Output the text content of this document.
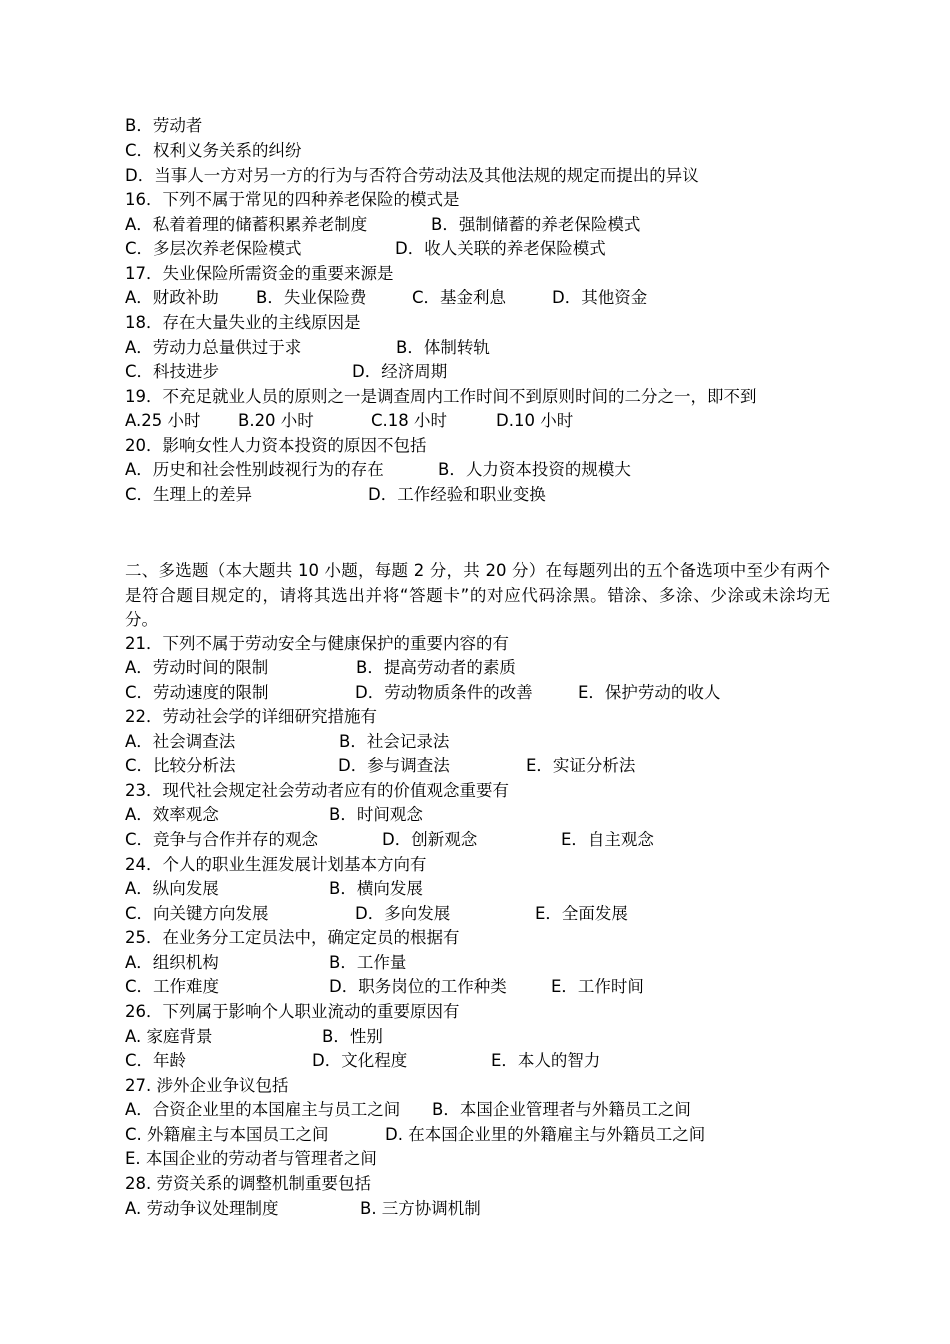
B．劳动者
C．权利义务关系的纠纷
D．当事人一方对另一方的行为与否符合劳动法及其他法规的规定而提出的异议
16．下列不属于常见的四种养老保险的模式是
A．私着着理的储蓄积累养老制度	B．强制储蓄的养老保险模式
C．多层次养老保险模式	D．收人关联的养老保险模式
17．失业保险所需资金的重要来源是
A．财政补助 B．失业保险费	C．基金利息	D．其他资金
18．存在大量失业的主线原因是
A．劳动力总量供过于求	B．体制转轨
C．科技进步	D．经济周期
19．不充足就业人员的原则之一是调查周内工作时间不到原则时间的二分之一，即不到
A.25 小时 B.20 小时	C.18 小时	D.10 小时
20．影响女性人力资本投资的原因不包括
A．历史和社会性别歧视行为的存在	B．人力资本投资的规模大
C．生理上的差异	D．工作经验和职业变换
二、多选题（本大题共 10 小题，每题 2 分，共 20 分）在每题列出的五个备选项中至少有两个是符合题目规定的，请将其选出并将“答题卡”的对应代码涂黑。错涂、多涂、少涂或未涂均无分。
21．下列不属于劳动安全与健康保护的重要内容的有
A．劳动时间的限制	B．提高劳动者的素质
C．劳动速度的限制	D．劳动物质条件的改善	E．保护劳动的收人
22．劳动社会学的详细研究措施有
A．社会调查法	B．社会记录法
C．比较分析法	D．参与调查法	E．实证分析法
23．现代社会规定社会劳动者应有的价值观念重要有
A．效率观念	B．时间观念
C．竞争与合作并存的观念	D．创新观念	E．自主观念
24．个人的职业生涯发展计划基本方向有
A．纵向发展	B．横向发展
C．向关键方向发展	D．多向发展	E．全面发展
25．在业务分工定员法中，确定定员的根据有
A．组织机构	B．工作量
C．工作难度	D．职务岗位的工作种类	E．工作时间
26．下列属于影响个人职业流动的重要原因有
A. 家庭背景	B．性别
C．年龄	D．文化程度	E．本人的智力
27. 涉外企业争议包括
A．合资企业里的本国雇主与员工之间 B．本国企业管理者与外籍员工之间
C. 外籍雇主与本国员工之间	D. 在本国企业里的外籍雇主与外籍员工之间
E. 本国企业的劳动者与管理者之间
28. 劳资关系的调整机制重要包括
A. 劳动争议处理制度	B. 三方协调机制
